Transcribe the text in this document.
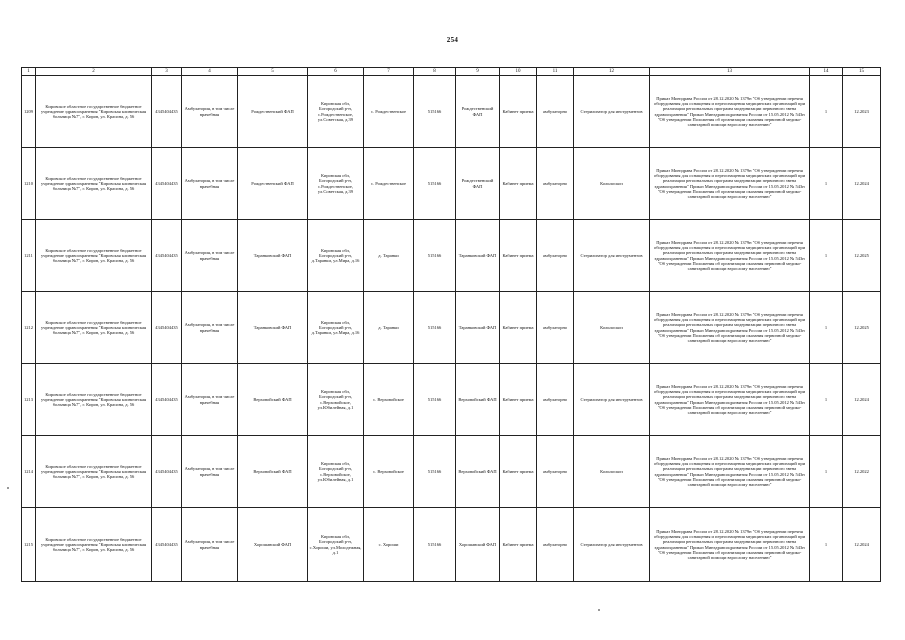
254
1	2	3	4	5	6	7	8	9	10	11	12	13	14	15
1209	Кировское областное государственное бюджетное учреждение здравоохранения "Кировская клиническая больница №7", г. Киров, ул. Красина, д. 56	4345404435	Амбулатория, в том числе врачебная	Рождественский ФАП	Кировская обл, Богородский р-н, с.Рождественское, ул.Советская, д.39	с. Рождественское	515166	Рождественский ФАП	Кабинет приема	амбулаторно	Стерилизатор для инструментов	Приказ Минздрава России от 28.12.2020 № 1379н "Об утверждении перечня оборудования для оснащения и переоснащения медицинских организаций при реализации региональных программ модернизации первичного звена здравоохранения" Приказ Минздравсоцразвития России от 15.05.2012 № 543н "Об утверждении Положения об организации оказания первичной медико-санитарной помощи взрослому населению"	1	12.2023
1210	Кировское областное государственное бюджетное учреждение здравоохранения "Кировская клиническая больница №7", г. Киров, ул. Красина, д. 56	4345404435	Амбулатория, в том числе врачебная	Рождественский ФАП	Кировская обл, Богородский р-н, с.Рождественское, ул.Советская, д.39	с. Рождественское	515166	Рождественский ФАП	Кабинет приема	амбулаторно	Кольпоскоп	Приказ Минздрава России от 28.12.2020 № 1379н "Об утверждении перечня оборудования для оснащения и переоснащения медицинских организаций при реализации региональных программ модернизации первичного звена здравоохранения" Приказ Минздравсоцразвития России от 15.05.2012 № 543н "Об утверждении Положения об организации оказания первичной медико-санитарной помощи взрослому населению"	1	12.2024
1211	Кировское областное государственное бюджетное учреждение здравоохранения "Кировская клиническая больница №7", г. Киров, ул. Красина, д. 56	4345404435	Амбулатория, в том числе врачебная	Таранковский ФАП	Кировская обл, Богородский р-н, д.Таранки, ул.Мира, д.16	д. Таранки	515166	Таранковский ФАП	Кабинет приема	амбулаторно	Стерилизатор для инструментов	Приказ Минздрава России от 28.12.2020 № 1379н "Об утверждении перечня оборудования для оснащения и переоснащения медицинских организаций при реализации региональных программ модернизации первичного звена здравоохранения" Приказ Минздравсоцразвития России от 15.05.2012 № 543н "Об утверждении Положения об организации оказания первичной медико-санитарной помощи взрослому населению"	1	12.2025
1212	Кировское областное государственное бюджетное учреждение здравоохранения "Кировская клиническая больница №7", г. Киров, ул. Красина, д. 56	4345404435	Амбулатория, в том числе врачебная	Таранковский ФАП	Кировская обл, Богородский р-н, д.Таранки, ул.Мира, д.16	д. Таранки	515166	Таранковский ФАП	Кабинет приема	амбулаторно	Кольпоскоп	Приказ Минздрава России от 28.12.2020 № 1379н "Об утверждении перечня оборудования для оснащения и переоснащения медицинских организаций при реализации региональных программ модернизации первичного звена здравоохранения" Приказ Минздравсоцразвития России от 15.05.2012 № 543н "Об утверждении Положения об организации оказания первичной медико-санитарной помощи взрослому населению"	1	12.2025
1213	Кировское областное государственное бюджетное учреждение здравоохранения "Кировская клиническая больница №7", г. Киров, ул. Красина, д. 56	4345404435	Амбулатория, в том числе врачебная	Верховойский ФАП	Кировская обл, Богородский р-н, с.Верховойское, ул.Юбилейная, д.1	с. Верховойское	515166	Верховойский ФАП	Кабинет приема	амбулаторно	Стерилизатор для инструментов	Приказ Минздрава России от 28.12.2020 № 1379н "Об утверждении перечня оборудования для оснащения и переоснащения медицинских организаций при реализации региональных программ модернизации первичного звена здравоохранения" Приказ Минздравсоцразвития России от 15.05.2012 № 543н "Об утверждении Положения об организации оказания первичной медико-санитарной помощи взрослому населению"	1	12.2024
1214	Кировское областное государственное бюджетное учреждение здравоохранения "Кировская клиническая больница №7", г. Киров, ул. Красина, д. 56	4345404435	Амбулатория, в том числе врачебная	Верховойский ФАП	Кировская обл, Богородский р-н, с.Верховойское, ул.Юбилейная, д.1	с. Верховойское	515166	Верховойский ФАП	Кабинет приема	амбулаторно	Кольпоскоп	Приказ Минздрава России от 28.12.2020 № 1379н "Об утверждении перечня оборудования для оснащения и переоснащения медицинских организаций при реализации региональных программ модернизации первичного звена здравоохранения" Приказ Минздравсоцразвития России от 15.05.2012 № 543н "Об утверждении Положения об организации оказания первичной медико-санитарной помощи взрослому населению"	1	12.2022
1215	Кировское областное государственное бюджетное учреждение здравоохранения "Кировская клиническая больница №7", г. Киров, ул. Красина, д. 56	4345404435	Амбулатория, в том числе врачебная	Хорошавский ФАП	Кировская обл, Богородский р-н, с.Хороши, ул.Молодежная, д.1	с. Хороши	515166	Хорошавский ФАП	Кабинет приема	амбулаторно	Стерилизатор для инструментов	Приказ Минздрава России от 28.12.2020 № 1379н "Об утверждении перечня оборудования для оснащения и переоснащения медицинских организаций при реализации региональных программ модернизации первичного звена здравоохранения" Приказ Минздравсоцразвития России от 15.05.2012 № 543н "Об утверждении Положения об организации оказания первичной медико-санитарной помощи взрослому населению"	1	12.2024
